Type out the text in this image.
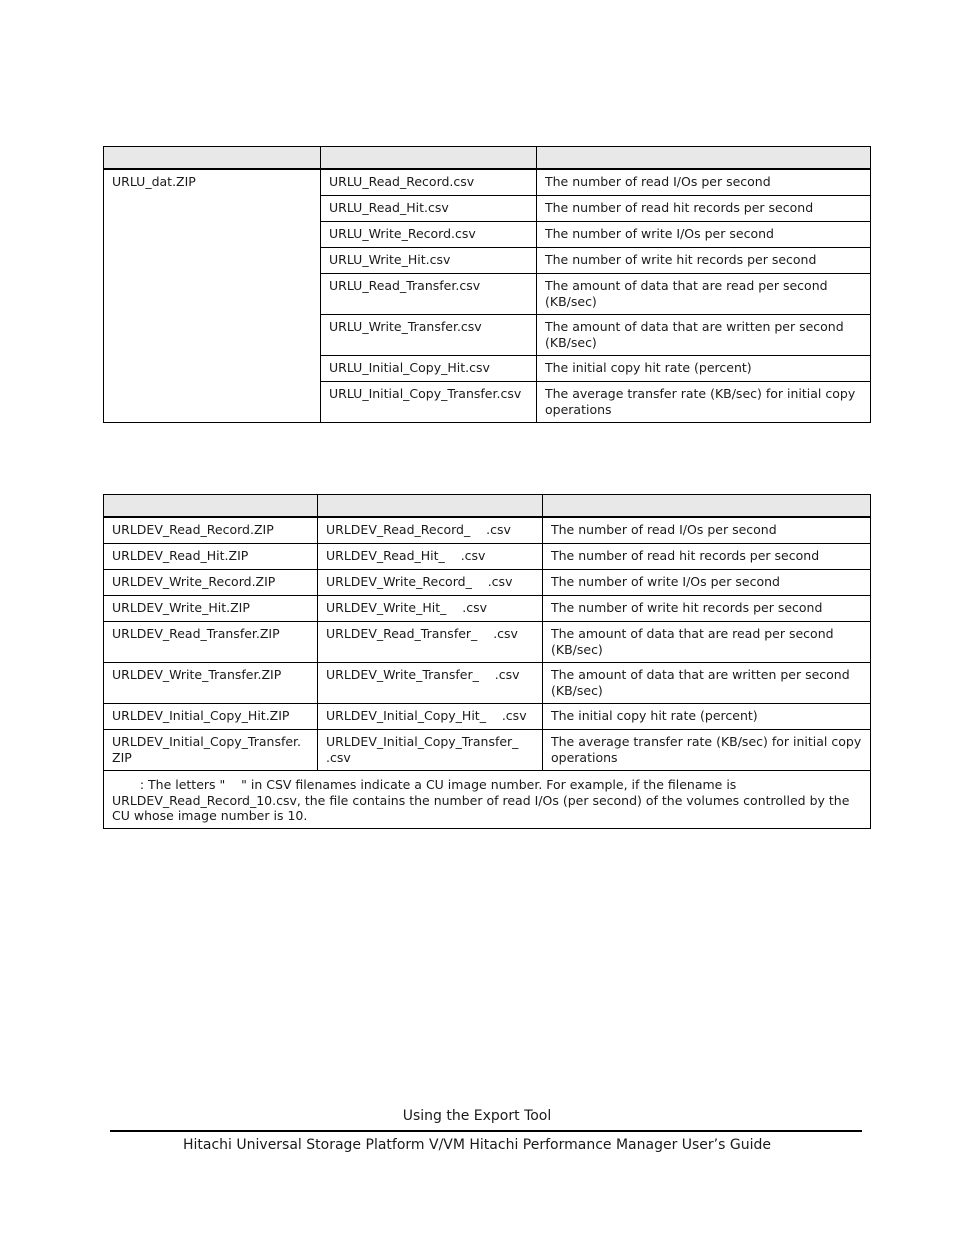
URLU_dat.ZIP	URLU_Read_Record.csv	The number of read I/Os per second
	URLU_Read_Hit.csv	The number of read hit records per second
	URLU_Write_Record.csv	The number of write I/Os per second
	URLU_Write_Hit.csv	The number of write hit records per second
	URLU_Read_Transfer.csv	The amount of data that are read per second (KB/sec)
	URLU_Write_Transfer.csv	The amount of data that are written per second (KB/sec)
	URLU_Initial_Copy_Hit.csv	The initial copy hit rate (percent)
	URLU_Initial_Copy_Transfer.csv	The average transfer rate (KB/sec) for initial copy operations

URLDEV_Read_Record.ZIP	URLDEV_Read_Record_    .csv	The number of read I/Os per second
URLDEV_Read_Hit.ZIP	URLDEV_Read_Hit_    .csv	The number of read hit records per second
URLDEV_Write_Record.ZIP	URLDEV_Write_Record_    .csv	The number of write I/Os per second
URLDEV_Write_Hit.ZIP	URLDEV_Write_Hit_    .csv	The number of write hit records per second
URLDEV_Read_Transfer.ZIP	URLDEV_Read_Transfer_    .csv	The amount of data that are read per second (KB/sec)
URLDEV_Write_Transfer.ZIP	URLDEV_Write_Transfer_    .csv	The amount of data that are written per second (KB/sec)
URLDEV_Initial_Copy_Hit.ZIP	URLDEV_Initial_Copy_Hit_    .csv	The initial copy hit rate (percent)
URLDEV_Initial_Copy_Transfer.ZIP	URLDEV_Initial_Copy_Transfer_    .csv	The average transfer rate (KB/sec) for initial copy operations
: The letters "    " in CSV filenames indicate a CU image number. For example, if the filename is URLDEV_Read_Record_10.csv, the file contains the number of read I/Os (per second) of the volumes controlled by the CU whose image number is 10.		
Using the Export Tool
Hitachi Universal Storage Platform V/VM Hitachi Performance Manager User’s Guide
